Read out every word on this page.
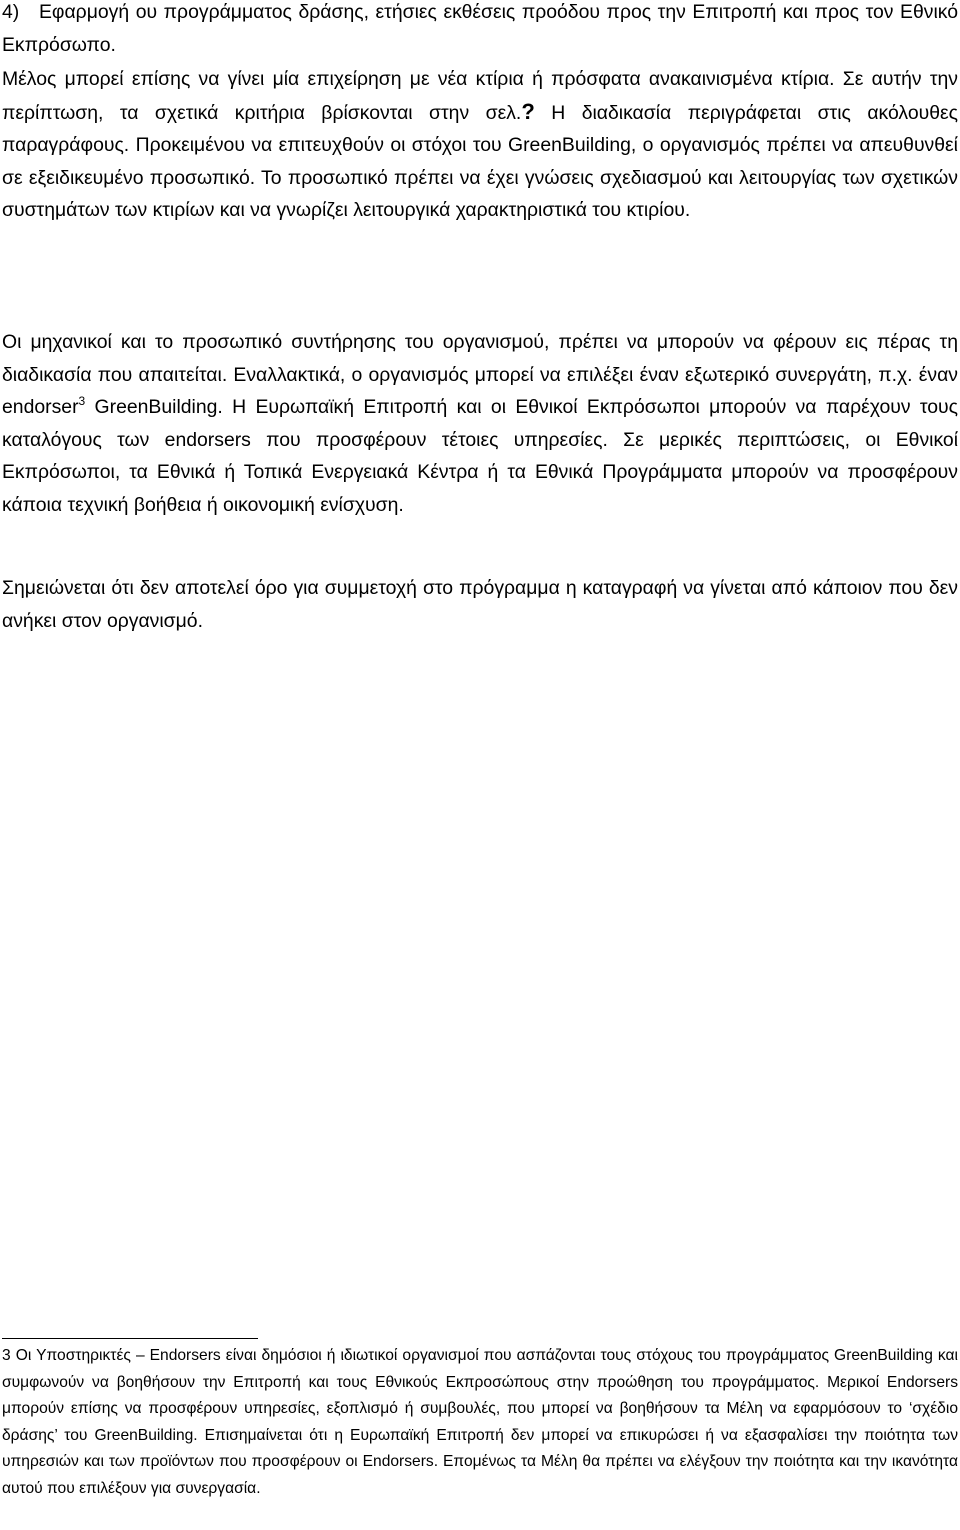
4) Εφαρμογή ου προγράμματος δράσης, ετήσιες εκθέσεις προόδου προς την Επιτροπή και προς τον Εθνικό Εκπρόσωπο.
Μέλος μπορεί επίσης να γίνει μία επιχείρηση με νέα κτίρια ή πρόσφατα ανακαινισμένα κτίρια. Σε αυτήν την περίπτωση, τα σχετικά κριτήρια βρίσκονται στην σελ.? Η διαδικασία περιγράφεται στις ακόλουθες παραγράφους. Προκειμένου να επιτευχθούν οι στόχοι του GreenBuilding, ο οργανισμός πρέπει να απευθυνθεί σε εξειδικευμένο προσωπικό. Το προσωπικό πρέπει να έχει γνώσεις σχεδιασμού και λειτουργίας των σχετικών συστημάτων των κτιρίων και να γνωρίζει λειτουργικά χαρακτηριστικά του κτιρίου.
Οι μηχανικοί και το προσωπικό συντήρησης του οργανισμού, πρέπει να μπορούν να φέρουν εις πέρας τη διαδικασία που απαιτείται. Εναλλακτικά, ο οργανισμός μπορεί να επιλέξει έναν εξωτερικό συνεργάτη, π.χ. έναν endorser$^3$ GreenBuilding. Η Ευρωπαϊκή Επιτροπή και οι Εθνικοί Εκπρόσωποι μπορούν να παρέχουν τους καταλόγους των endorsers που προσφέρουν τέτοιες υπηρεσίες. Σε μερικές περιπτώσεις, οι Εθνικοί Εκπρόσωποι, τα Εθνικά ή Τοπικά Ενεργειακά Κέντρα ή τα Εθνικά Προγράμματα μπορούν να προσφέρουν κάποια τεχνική βοήθεια ή οικονομική ενίσχυση.
Σημειώνεται ότι δεν αποτελεί όρο για συμμετοχή στο πρόγραμμα η καταγραφή να γίνεται από κάποιον που δεν ανήκει στον οργανισμό.
3 Οι Υποστηρικτές – Endorsers είναι δημόσιοι ή ιδιωτικοί οργανισμοί που ασπάζονται τους στόχους του προγράμματος GreenBuilding και συμφωνούν να βοηθήσουν την Επιτροπή και τους Εθνικούς Εκπροσώπους στην προώθηση του προγράμματος. Μερικοί Endorsers μπορούν επίσης να προσφέρουν υπηρεσίες, εξοπλισμό ή συμβουλές, που μπορεί να βοηθήσουν τα Μέλη να εφαρμόσουν το ‘σχέδιο δράσης’ του GreenBuilding. Επισημαίνεται ότι η Ευρωπαϊκή Επιτροπή δεν μπορεί να επικυρώσει ή να εξασφαλίσει την ποιότητα των υπηρεσιών και των προϊόντων που προσφέρουν οι Endorsers. Επομένως τα Μέλη θα πρέπει να ελέγξουν την ποιότητα και την ικανότητα αυτού που επιλέξουν για συνεργασία.
